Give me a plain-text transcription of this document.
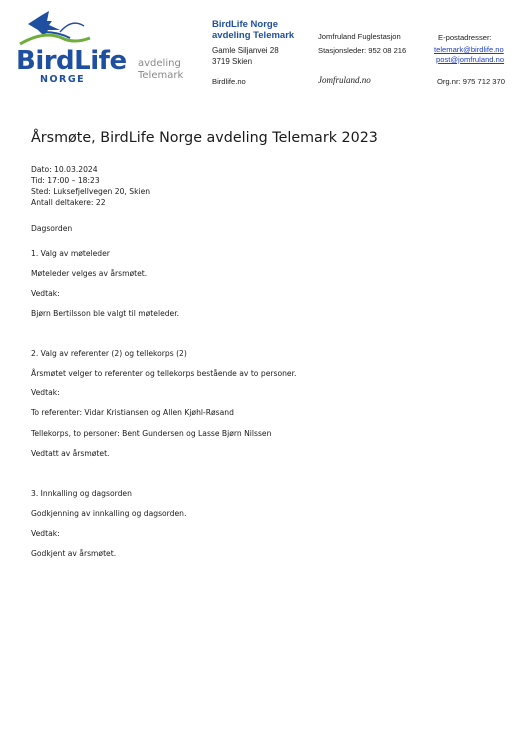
BirdLife
NORGE
avdeling
Telemark
BirdLife Norge
avdeling Telemark
Gamle Siljanvei 28
3719 Skien
Birdlife.no
Jomfruland Fuglestasjon
Stasjonsleder: 952 08 216
Jomfruland.no
E-postadresser:
telemark@birdlife.no
post@jomfruland.no
Org.nr: 975 712 370
Årsmøte, BirdLife Norge avdeling Telemark 2023
Dato: 10.03.2024
Tid: 17:00 – 18:23
Sted: Luksefjellvegen 20, Skien
Antall deltakere: 22
Dagsorden
1. Valg av møteleder
Møteleder velges av årsmøtet.
Vedtak:
Bjørn Bertilsson ble valgt til møteleder.
2. Valg av referenter (2) og tellekorps (2)
Årsmøtet velger to referenter og tellekorps bestående av to personer.
Vedtak:
To referenter: Vidar Kristiansen og Allen Kjøhl-Røsand
Tellekorps, to personer: Bent Gundersen og Lasse Bjørn Nilssen
Vedtatt av årsmøtet.
3. Innkalling og dagsorden
Godkjenning av innkalling og dagsorden.
Vedtak:
Godkjent av årsmøtet.
